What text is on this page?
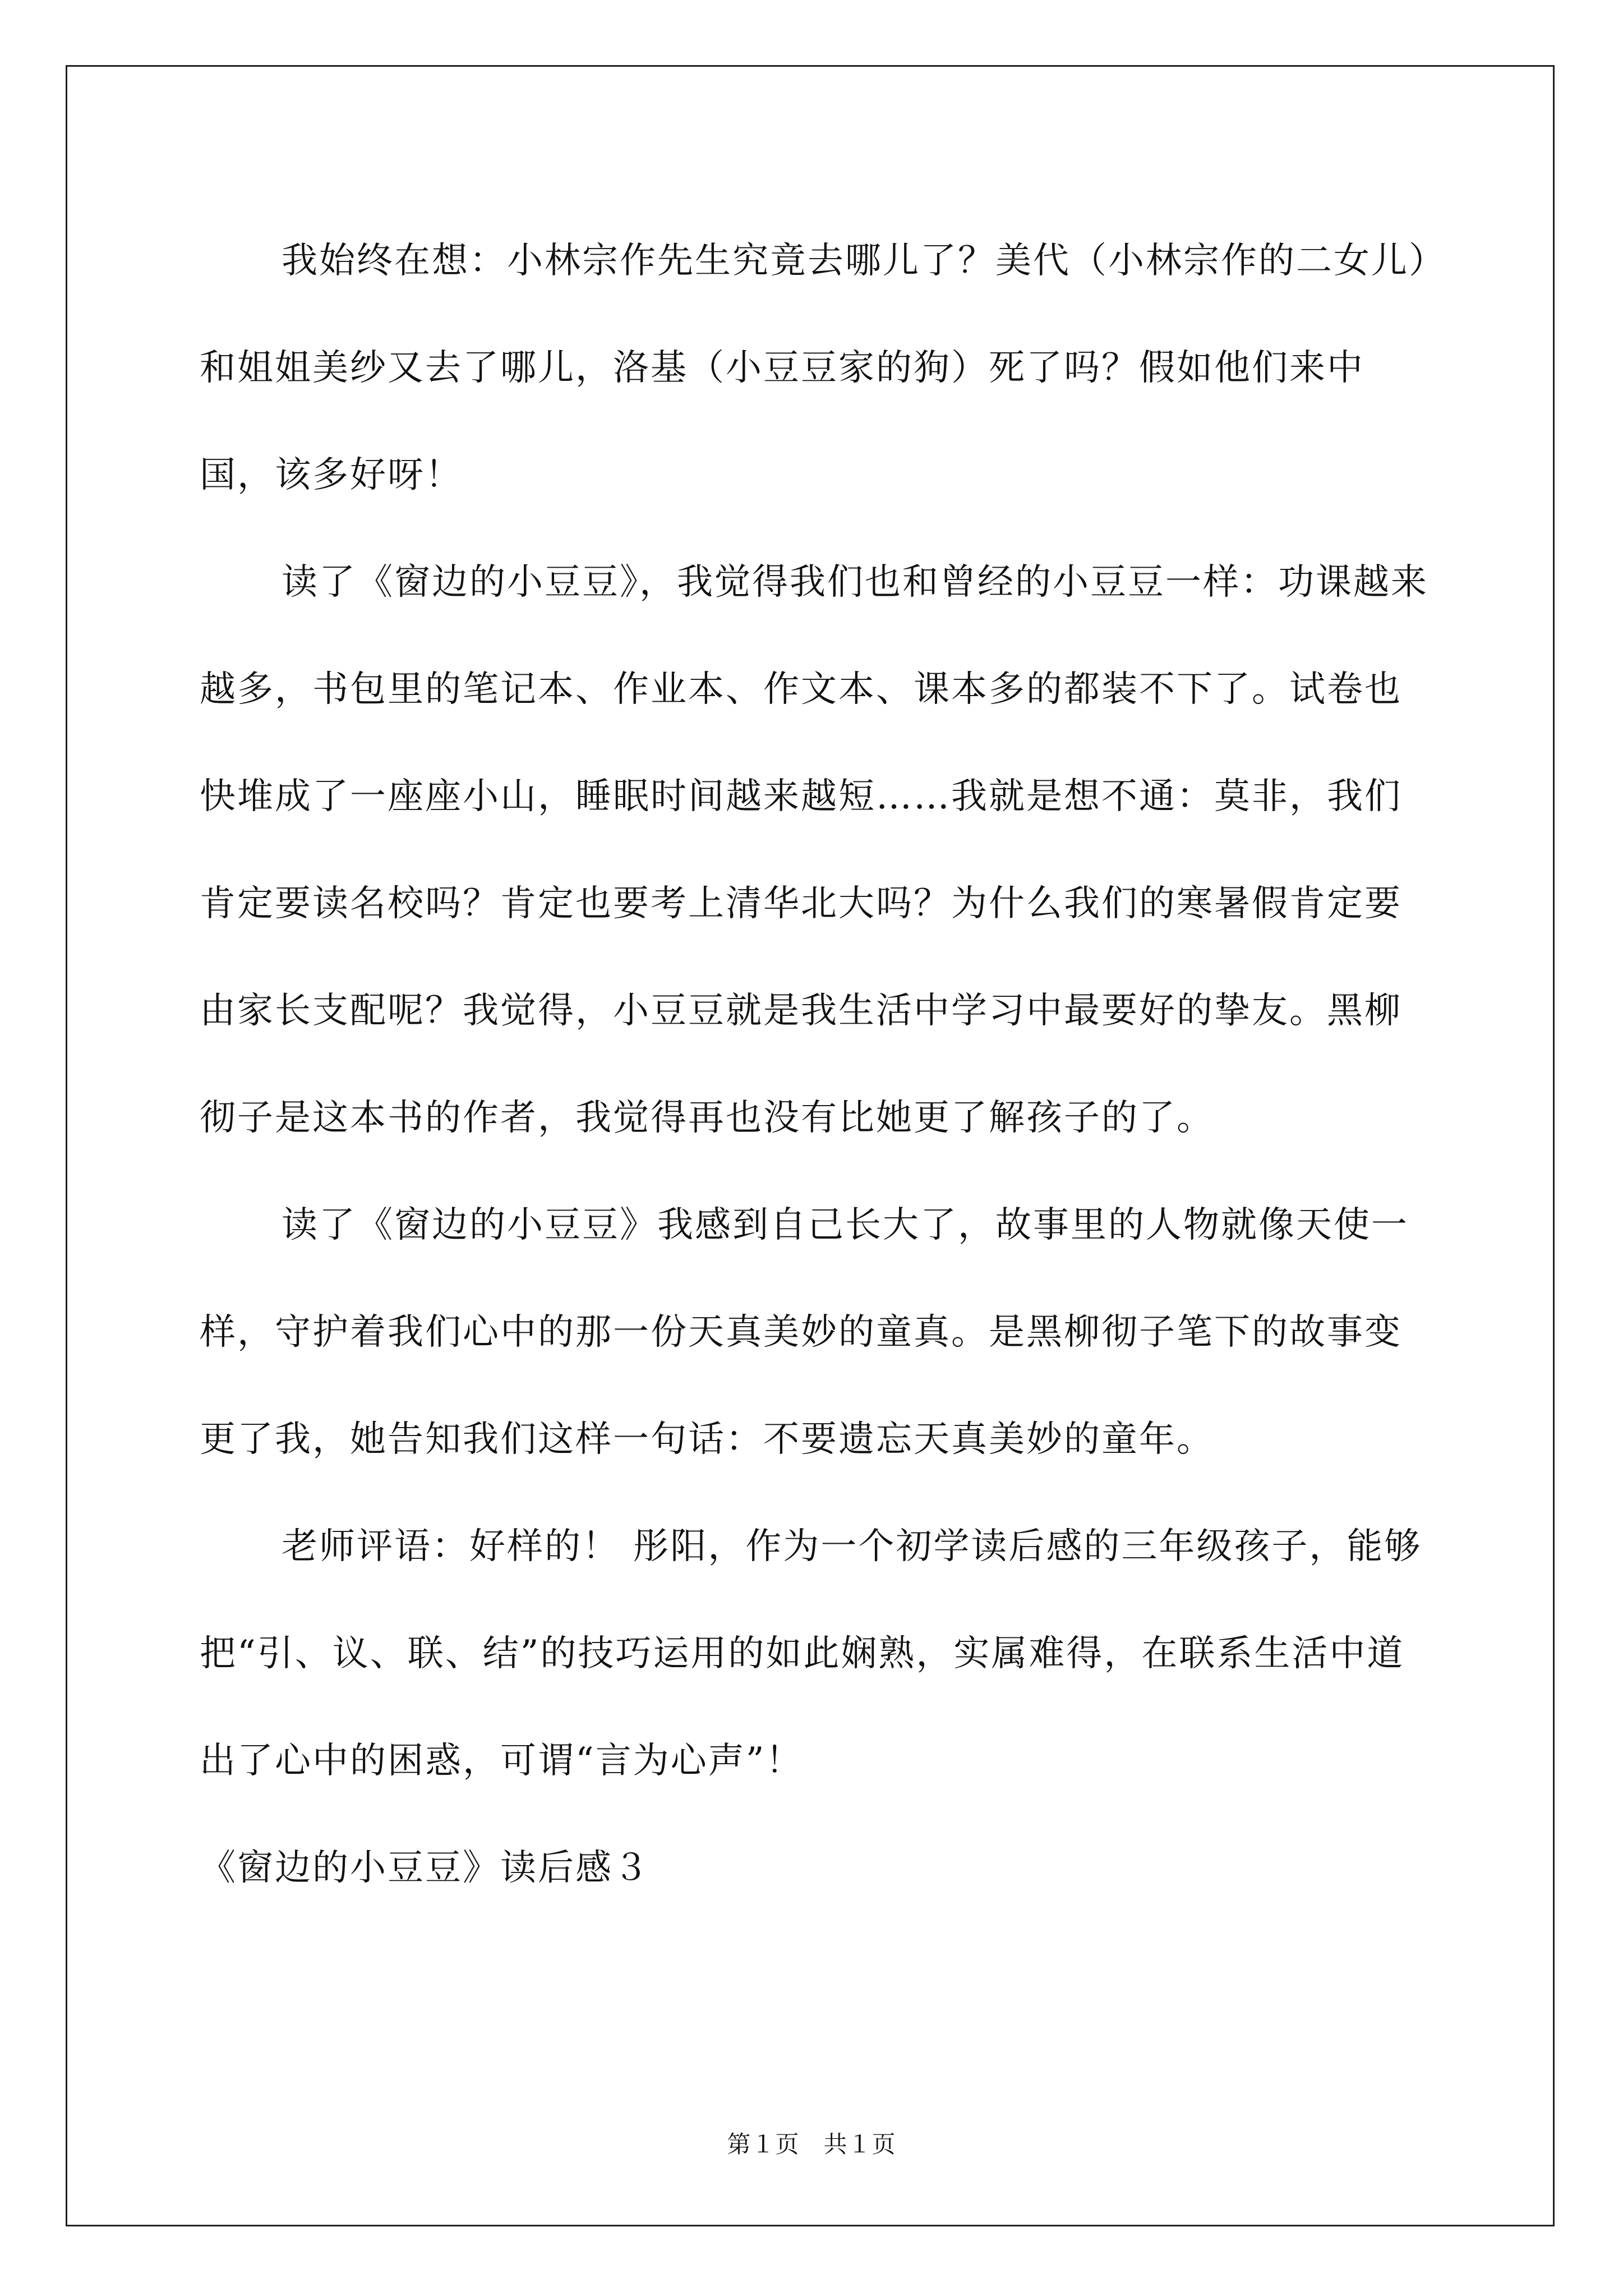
我始终在想：小林宗作先生究竟去哪儿了？美代（小林宗作的二女儿）和姐姐美纱又去了哪儿，洛基（小豆豆家的狗）死了吗？假如他们来中国，该多好呀！

读了《窗边的小豆豆》，我觉得我们也和曾经的小豆豆一样：功课越来越多，书包里的笔记本、作业本、作文本、课本多的都装不下了。试卷也快堆成了一座座小山，睡眠时间越来越短……我就是想不通：莫非，我们肯定要读名校吗？肯定也要考上清华北大吗？为什么我们的寒暑假肯定要由家长支配呢？我觉得，小豆豆就是我生活中学习中最要好的挚友。黑柳彻子是这本书的作者，我觉得再也没有比她更了解孩子的了。

读了《窗边的小豆豆》我感到自己长大了，故事里的人物就像天使一样，守护着我们心中的那一份天真美妙的童真。是黑柳彻子笔下的故事变更了我，她告知我们这样一句话：不要遗忘天真美妙的童年。

老师评语：好样的！ 彤阳，作为一个初学读后感的三年级孩子，能够把“引、议、联、结”的技巧运用的如此娴熟，实属难得，在联系生活中道出了心中的困惑，可谓“言为心声”！

《窗边的小豆豆》读后感３

第１页　共１页
